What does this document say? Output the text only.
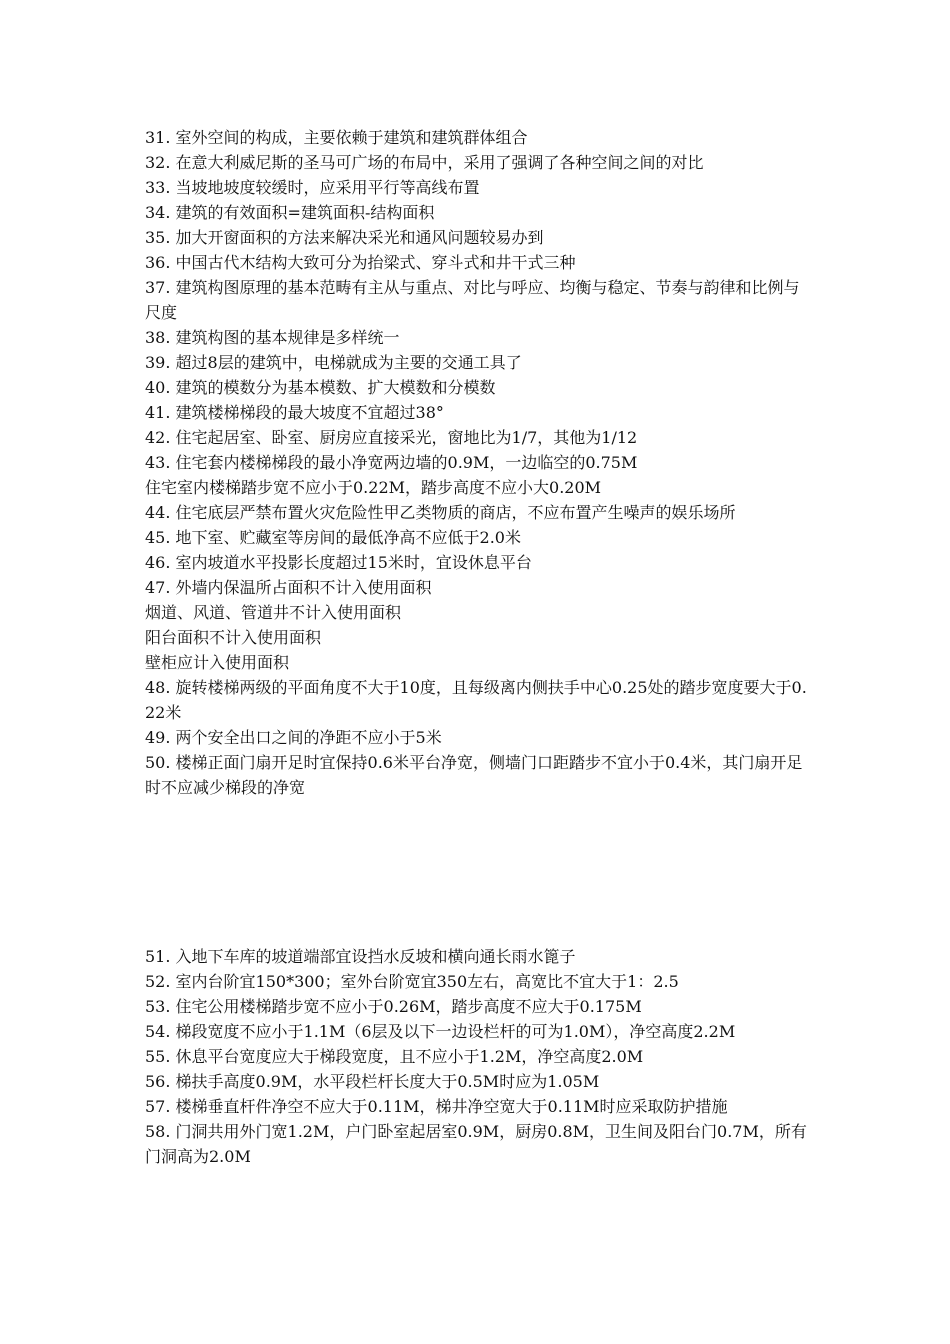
31. 室外空间的构成，主要依赖于建筑和建筑群体组合

32. 在意大利威尼斯的圣马可广场的布局中，采用了强调了各种空间之间的对比

33. 当坡地坡度较缓时，应采用平行等高线布置

34. 建筑的有效面积=建筑面积-结构面积

35. 加大开窗面积的方法来解决采光和通风问题较易办到

36. 中国古代木结构大致可分为抬梁式、穿斗式和井干式三种

37. 建筑构图原理的基本范畴有主从与重点、对比与呼应、均衡与稳定、节奏与韵律和比例与尺度

38. 建筑构图的基本规律是多样统一

39. 超过8层的建筑中，电梯就成为主要的交通工具了

40. 建筑的模数分为基本模数、扩大模数和分模数

41. 建筑楼梯梯段的最大坡度不宜超过38°

42. 住宅起居室、卧室、厨房应直接采光，窗地比为1/7，其他为1/12

43. 住宅套内楼梯梯段的最小净宽两边墙的0.9M，一边临空的0.75M

住宅室内楼梯踏步宽不应小于0.22M，踏步高度不应小大0.20M

44. 住宅底层严禁布置火灾危险性甲乙类物质的商店，不应布置产生噪声的娱乐场所

45. 地下室、贮藏室等房间的最低净高不应低于2.0米

46. 室内坡道水平投影长度超过15米时，宜设休息平台

47. 外墙内保温所占面积不计入使用面积

烟道、风道、管道井不计入使用面积

阳台面积不计入使用面积

壁柜应计入使用面积

48. 旋转楼梯两级的平面角度不大于10度，且每级离内侧扶手中心0.25处的踏步宽度要大于0.22米

49. 两个安全出口之间的净距不应小于5米

50. 楼梯正面门扇开足时宜保持0.6米平台净宽，侧墙门口距踏步不宜小于0.4米，其门扇开足时不应减少梯段的净宽

51. 入地下车库的坡道端部宜设挡水反坡和横向通长雨水篦子

52. 室内台阶宜150*300；室外台阶宽宜350左右，高宽比不宜大于1：2.5

53. 住宅公用楼梯踏步宽不应小于0.26M，踏步高度不应大于0.175M

54. 梯段宽度不应小于1.1M（6层及以下一边设栏杆的可为1.0M），净空高度2.2M

55. 休息平台宽度应大于梯段宽度，且不应小于1.2M，净空高度2.0M

56. 梯扶手高度0.9M，水平段栏杆长度大于0.5M时应为1.05M

57. 楼梯垂直杆件净空不应大于0.11M，梯井净空宽大于0.11M时应采取防护措施

58. 门洞共用外门宽1.2M，户门卧室起居室0.9M，厨房0.8M，卫生间及阳台门0.7M，所有门洞高为2.0M
